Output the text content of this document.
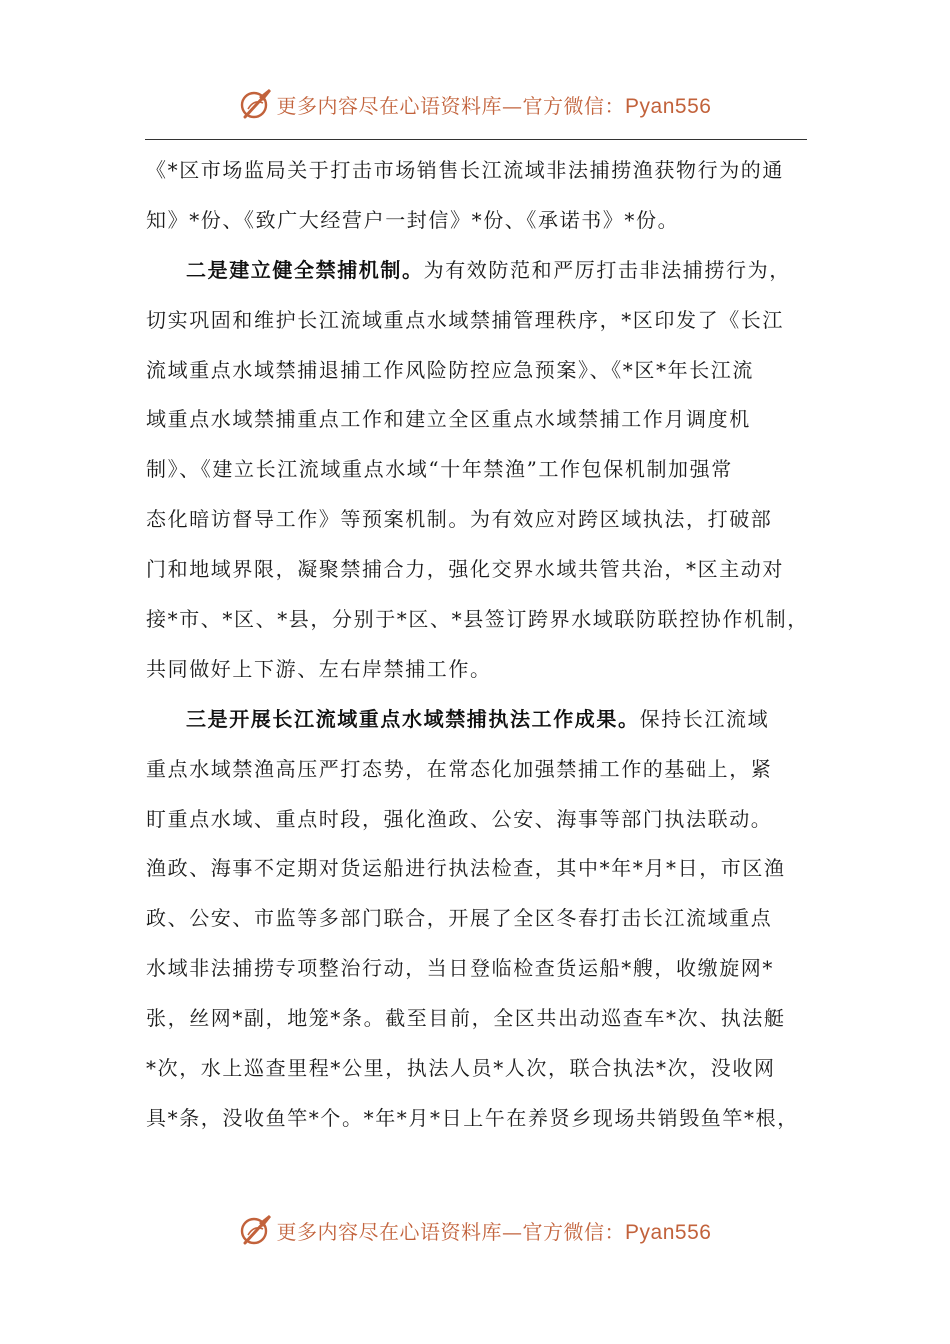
更多内容尽在心语资料库—官方微信：Pyan556
《*区市场监局关于打击市场销售长江流域非法捕捞渔获物行为的通
知》*份、《致广大经营户一封信》*份、《承诺书》*份。
二是建立健全禁捕机制。为有效防范和严厉打击非法捕捞行为，
切实巩固和维护长江流域重点水域禁捕管理秩序，*区印发了《长江
流域重点水域禁捕退捕工作风险防控应急预案》、《*区*年长江流
域重点水域禁捕重点工作和建立全区重点水域禁捕工作月调度机
制》、《建立长江流域重点水域“十年禁渔”工作包保机制加强常
态化暗访督导工作》等预案机制。为有效应对跨区域执法，打破部
门和地域界限，凝聚禁捕合力，强化交界水域共管共治，*区主动对
接*市、*区、*县，分别于*区、*县签订跨界水域联防联控协作机制，
共同做好上下游、左右岸禁捕工作。
三是开展长江流域重点水域禁捕执法工作成果。保持长江流域
重点水域禁渔高压严打态势，在常态化加强禁捕工作的基础上，紧
盯重点水域、重点时段，强化渔政、公安、海事等部门执法联动。
渔政、海事不定期对货运船进行执法检查，其中*年*月*日，市区渔
政、公安、市监等多部门联合，开展了全区冬春打击长江流域重点
水域非法捕捞专项整治行动，当日登临检查货运船*艘，收缴旋网*
张，丝网*副，地笼*条。截至目前，全区共出动巡查车*次、执法艇
*次，水上巡查里程*公里，执法人员*人次，联合执法*次，没收网
具*条，没收鱼竿*个。*年*月*日上午在养贤乡现场共销毁鱼竿*根，
更多内容尽在心语资料库—官方微信：Pyan556
